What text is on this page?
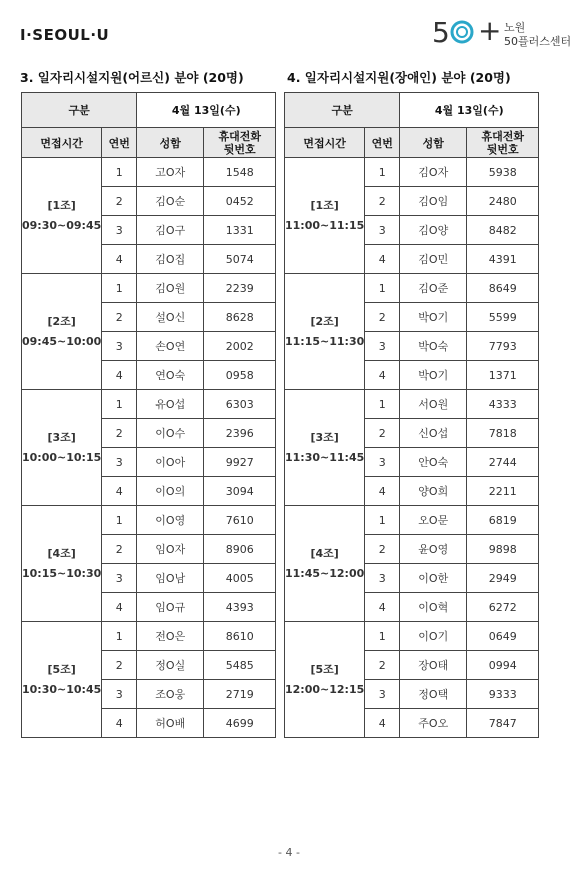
I·SEOUL·U	5 + 노원
50플러스센터
3. 일자리시설지원(어르신) 분야 (20명)	4. 일자리시설지원(장애인) 분야 (20명)
구분		4월 13일(수)	
면접시간	연번	성함	휴대전화
뒷번호

[1조]
09:30~09:45	1	고O자	1548
	2	김O순	0452
	3	김O구	1331
	4	김O집	5074

[2조]
09:45~10:00	1	김O원	2239
	2	설O신	8628
	3	손O연	2002
	4	연O숙	0958

[3조]
10:00~10:15	1	유O섭	6303
	2	이O수	2396
	3	이O아	9927
	4	이O의	3094

[4조]
10:15~10:30	1	이O영	7610
	2	임O자	8906
	3	임O남	4005
	4	임O규	4393

[5조]
10:30~10:45	1	전O은	8610
	2	정O실	5485
	3	조O웅	2719
	4	허O배	4699
구분		4월 13일(수)	
면접시간	연번	성함	휴대전화
뒷번호

[1조]
11:00~11:15	1	김O자	5938
	2	김O임	2480
	3	김O양	8482
	4	김O민	4391

[2조]
11:15~11:30	1	김O준	8649
	2	박O기	5599
	3	박O숙	7793
	4	박O기	1371

[3조]
11:30~11:45	1	서O원	4333
	2	신O섭	7818
	3	안O숙	2744
	4	양O희	2211

[4조]
11:45~12:00	1	오O문	6819
	2	윤O영	9898
	3	이O한	2949
	4	이O혁	6272

[5조]
12:00~12:15	1	이O기	0649
	2	장O태	0994
	3	정O택	9333
	4	주O오	7847
- 4 -
